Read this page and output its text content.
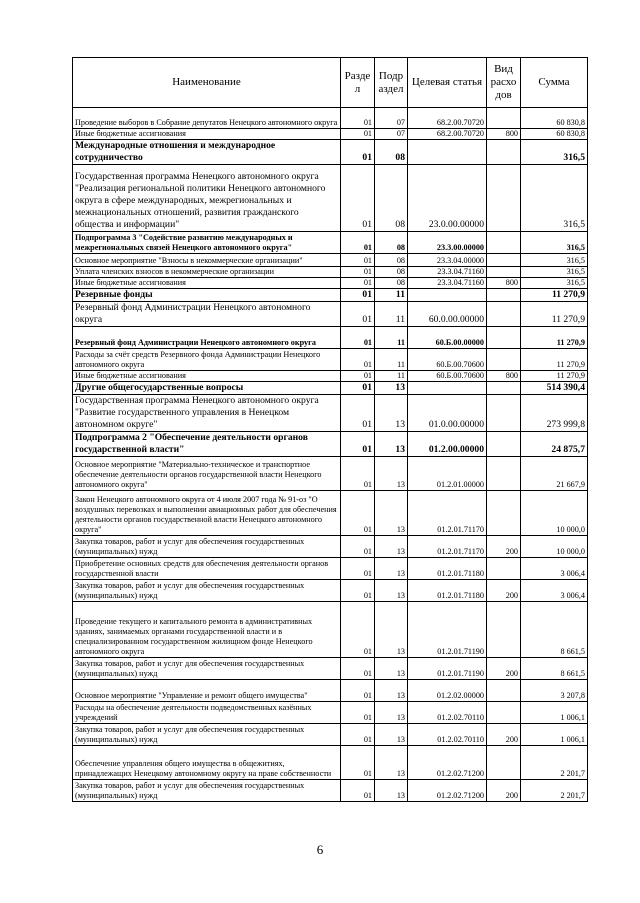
Наименование	Разде л	Подр аздел	Целевая статья	Вид расхо дов	Сумма
Проведение выборов в Собрание депутатов Ненецкого автономного округа	01	07	68.2.00.70720		60 830,8
Иные бюджетные ассигнования	01	07	68.2.00.70720	800	60 830,8
Международные отношения и международное сотрудничество	01	08			316,5
Государственная программа Ненецкого автономного округа "Реализация региональной политики Ненецкого автономного округа в сфере международных, межрегиональных и межнациональных отношений, развития гражданского общества и информации"	01	08	23.0.00.00000		316,5
Подпрограмма 3 "Содействие развитию международных и межрегиональных связей Ненецкого автономного округа"	01	08	23.3.00.00000		316,5
Основное мероприятие "Взносы в некоммерческие организации"	01	08	23.3.04.00000		316,5
Уплата членских взносов в некоммерческие организации	01	08	23.3.04.71160		316,5
Иные бюджетные ассигнования	01	08	23.3.04.71160	800	316,5
Резервные фонды	01	11			11 270,9
Резервный фонд Администрации Ненецкого автономного округа	01	11	60.0.00.00000		11 270,9
Резервный фонд Администрации Ненецкого автономного округа	01	11	60.Б.00.00000		11 270,9
Расходы за счёт средств Резервного фонда Администрации Ненецкого автономного округа	01	11	60.Б.00.70600		11 270,9
Иные бюджетные ассигнования	01	11	60.Б.00.70600	800	11 270,9
Другие общегосударственные вопросы	01	13			514 390,4
Государственная программа Ненецкого автономного округа "Развитие государственного управления в Ненецком автономном округе"	01	13	01.0.00.00000		273 999,8
Подпрограмма 2 "Обеспечение деятельности органов государственной власти"	01	13	01.2.00.00000		24 875,7
Основное мероприятие "Материально-техническое и транспортное обеспечение деятельности органов государственной власти Ненецкого автономного округа"	01	13	01.2.01.00000		21 667,9
Закон Ненецкого автономного округа от 4 июля 2007 года № 91-оз "О воздушных перевозках и выполнении авиационных работ для обеспечения деятельности органов государственной власти Ненецкого автономного округа"	01	13	01.2.01.71170		10 000,0
Закупка товаров, работ и услуг для обеспечения государственных (муниципальных) нужд	01	13	01.2.01.71170	200	10 000,0
Приобретение основных средств для обеспечения деятельности органов государственной власти	01	13	01.2.01.71180		3 006,4
Закупка товаров, работ и услуг для обеспечения государственных (муниципальных) нужд	01	13	01.2.01.71180	200	3 006,4
Проведение текущего и капитального ремонта в административных зданиях, занимаемых органами государственной власти и в специализированном государственном жилищном фонде Ненецкого автономного округа	01	13	01.2.01.71190		8 661,5
Закупка товаров, работ и услуг для обеспечения государственных (муниципальных) нужд	01	13	01.2.01.71190	200	8 661,5
Основное мероприятие "Управление и ремонт общего имущества"	01	13	01.2.02.00000		3 207,8
Расходы на обеспечение деятельности подведомственных казённых учреждений	01	13	01.2.02.70110		1 006,1
Закупка товаров, работ и услуг для обеспечения государственных (муниципальных) нужд	01	13	01.2.02.70110	200	1 006,1
Обеспечение управления общего имущества в общежитиях, принадлежащих Ненецкому автономному округу на праве собственности	01	13	01.2.02.71200		2 201,7
Закупка товаров, работ и услуг для обеспечения государственных (муниципальных) нужд	01	13	01.2.02.71200	200	2 201,7
6
